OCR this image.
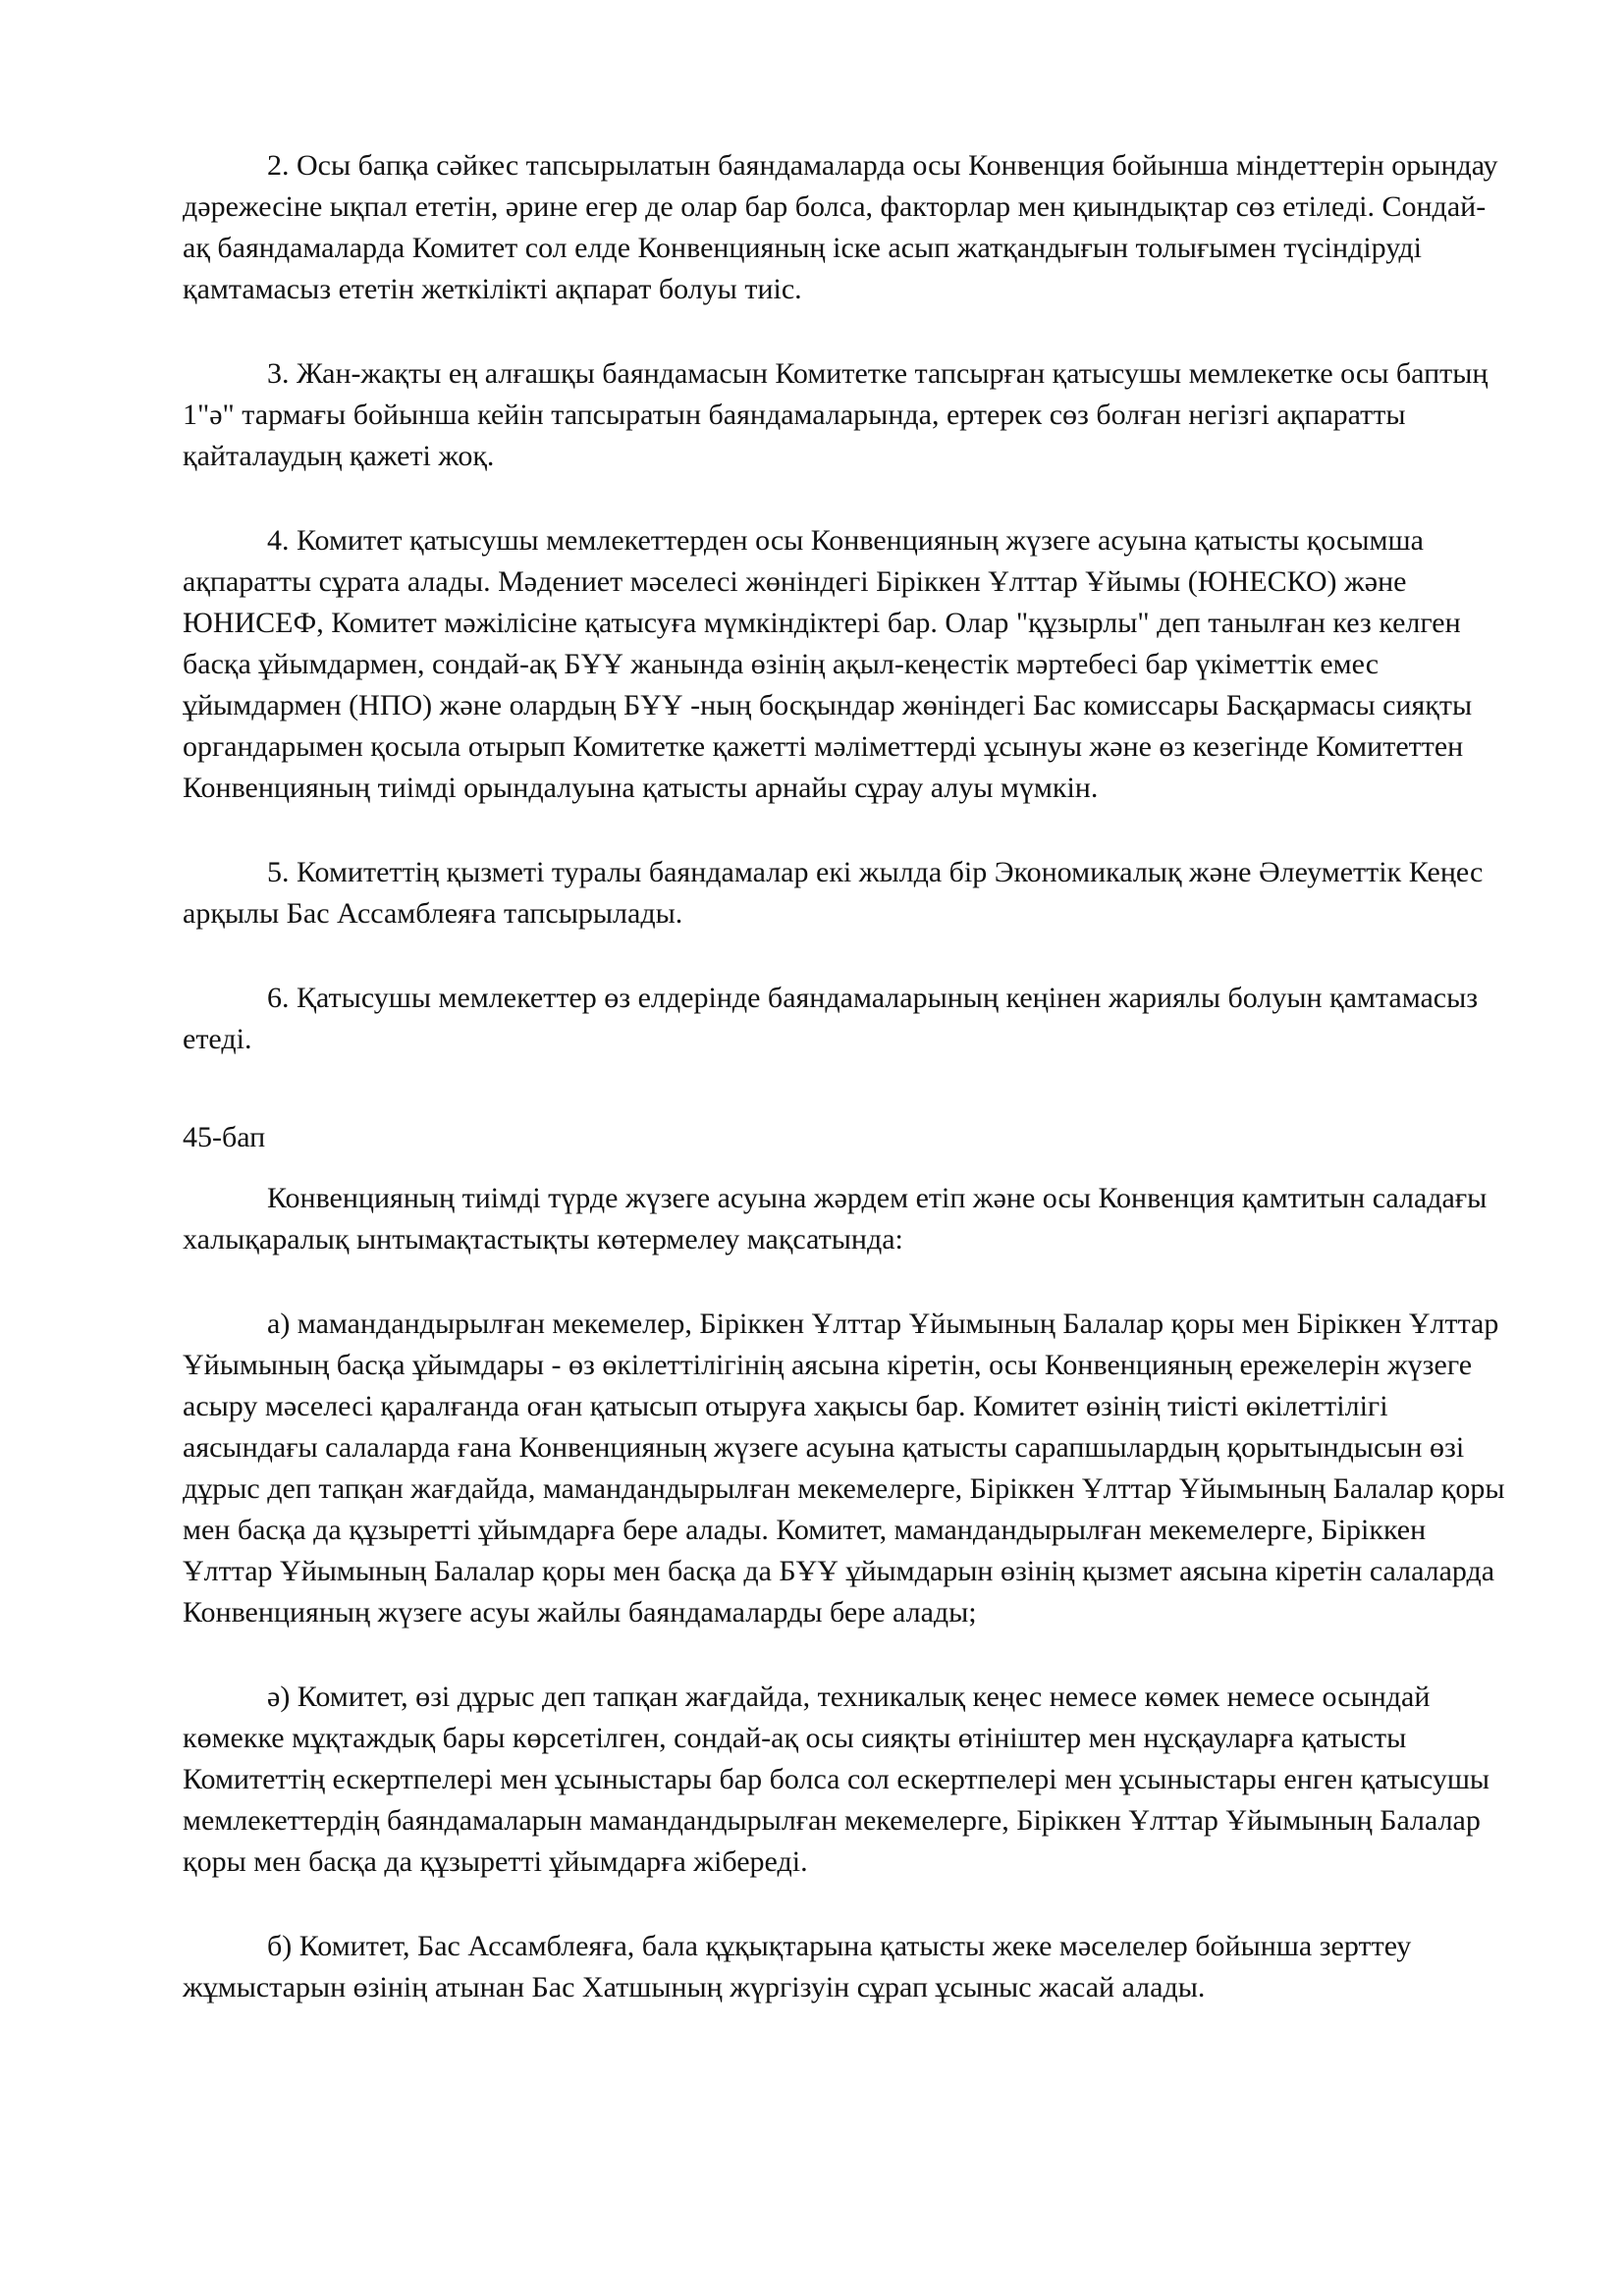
2. Осы бапқа сәйкес тапсырылатын баяндамаларда осы Конвенция бойынша міндеттерін орындау дәрежесіне ықпал ететін, әрине егер де олар бар болса, факторлар мен қиындықтар сөз етіледі. Сондай-ақ баяндамаларда Комитет сол елде Конвенцияның іске асып жатқандығын толығымен түсіндіруді қамтамасыз ететін жеткілікті ақпарат болуы тиіс.

3. Жан-жақты ең алғашқы баяндамасын Комитетке тапсырған қатысушы мемлекетке осы баптың 1"ә" тармағы бойынша кейін тапсыратын баяндамаларында, ертерек сөз болған негізгі ақпаратты қайталаудың қажеті жоқ.

4. Комитет қатысушы мемлекеттерден осы Конвенцияның жүзеге асуына қатысты қосымша ақпаратты сұрата алады. Мәдениет мәселесі жөніндегі Біріккен Ұлттар Ұйымы (ЮНЕСКО) және ЮНИСЕФ, Комитет мәжілісіне қатысуға мүмкіндіктері бар. Олар "құзырлы" деп танылған кез келген басқа ұйымдармен, сондай-ақ БҰҰ жанында өзінің ақыл-кеңестік мәртебесі бар үкіметтік емес ұйымдармен (НПО) және олардың БҰҰ -ның босқындар жөніндегі Бас комиссары Басқармасы сияқты органдарымен қосыла отырып Комитетке қажетті мәліметтерді ұсынуы және өз кезегінде Комитеттен Конвенцияның тиімді орындалуына қатысты арнайы сұрау алуы мүмкін.

5. Комитеттің қызметі туралы баяндамалар екі жылда бір Экономикалық және Әлеуметтік Кеңес арқылы Бас Ассамблеяға тапсырылады.

6. Қатысушы мемлекеттер өз елдерінде баяндамаларының кеңінен жариялы болуын қамтамасыз етеді.

45-бап

Конвенцияның тиімді түрде жүзеге асуына жәрдем етіп және осы Конвенция қамтитын саладағы халықаралық ынтымақтастықты көтермелеу мақсатында:

а) мамандандырылған мекемелер, Біріккен Ұлттар Ұйымының Балалар қоры мен Біріккен Ұлттар Ұйымының басқа ұйымдары - өз өкілеттілігінің аясына кіретін, осы Конвенцияның ережелерін жүзеге асыру мәселесі қаралғанда оған қатысып отыруға хақысы бар. Комитет өзінің тиісті өкілеттілігі аясындағы салаларда ғана Конвенцияның жүзеге асуына қатысты сарапшылардың қорытындысын өзі дұрыс деп тапқан жағдайда, мамандандырылған мекемелерге, Біріккен Ұлттар Ұйымының Балалар қоры мен басқа да құзыретті ұйымдарға бере алады. Комитет, мамандандырылған мекемелерге, Біріккен Ұлттар Ұйымының Балалар қоры мен басқа да БҰҰ ұйымдарын өзінің қызмет аясына кіретін салаларда Конвенцияның жүзеге асуы жайлы баяндамаларды бере алады;

ә) Комитет, өзі дұрыс деп тапқан жағдайда, техникалық кеңес немесе көмек немесе осындай көмекке мұқтаждық бары көрсетілген, сондай-ақ осы сияқты өтініштер мен нұсқауларға қатысты Комитеттің ескертпелері мен ұсыныстары бар болса сол ескертпелері мен ұсыныстары енген қатысушы мемлекеттердің баяндамаларын мамандандырылған мекемелерге, Біріккен Ұлттар Ұйымының Балалар қоры мен басқа да құзыретті ұйымдарға жібереді.

б) Комитет, Бас Ассамблеяға, бала құқықтарына қатысты жеке мәселелер бойынша зерттеу жұмыстарын өзінің атынан Бас Хатшының жүргізуін сұрап ұсыныс жасай алады.
